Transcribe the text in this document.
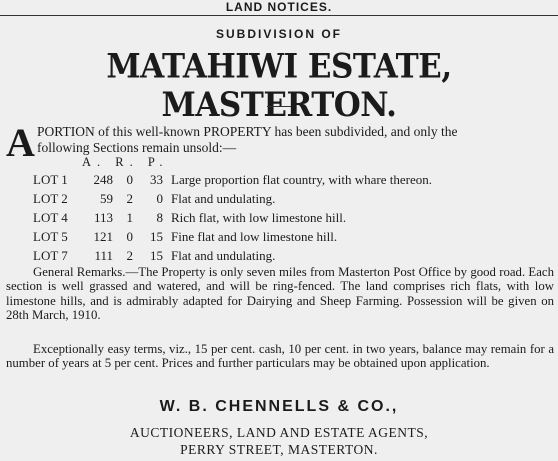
LAND NOTICES.
SUBDIVISION OF
MATAHIWI ESTATE, MASTERTON.
A PORTION of this well-known PROPERTY has been subdivided, and only the
following Sections remain unsold:—
A. R. P.
LOT 1 248 0	33 Large proportion flat country, with whare thereon.
LOT 2	59 2	0 Flat and undulating.
LOT 4 113 1	8 Rich flat, with low limestone hill.
LOT 5 121 0	15 Fine flat and low limestone hill.
LOT 7 111 2	15 Flat and undulating.
General Remarks.—The Property is only seven miles from Masterton Post Office by good road. Each section is well grassed and watered, and will be ring-fenced. The land comprises rich flats, with low limestone hills, and is admirably adapted for Dairying and Sheep Farming. Possession will be given on 28th March, 1910.
Exceptionally easy terms, viz., 15 per cent. cash, 10 per cent. in two years, balance may remain for a number of years at 5 per cent. Prices and further particulars may be obtained upon application.
W. B. CHENNELLS & CO.,
AUCTIONEERS, LAND AND ESTATE AGENTS,
PERRY STREET, MASTERTON.
